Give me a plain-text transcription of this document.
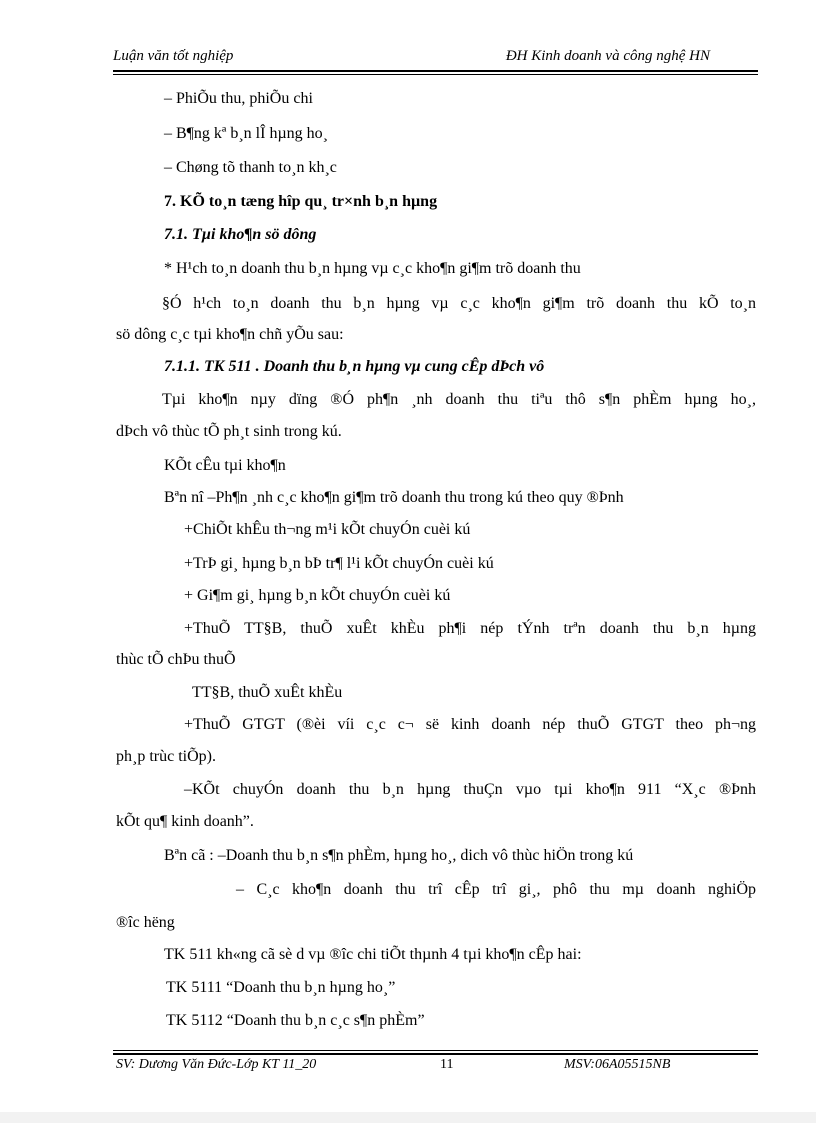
Luận văn tốt nghiệp	ĐH Kinh doanh và công nghệ HN
– PhiÕu thu, phiÕu chi
– B¶ng kª b¸n lÎ hµng ho¸
– Chøng tõ thanh to¸n kh¸c
7. KÕ to¸n tæng hîp qu¸ tr×nh b¸n hµng
7.1. Tµi kho¶n sö dông
* H¹ch to¸n doanh thu b¸n hµng vµ c¸c kho¶n gi¶m trõ doanh thu
§Ó h¹ch to¸n doanh thu b¸n hµng vµ c¸c kho¶n gi¶m trõ doanh thu kÕ to¸n
sö dông c¸c tµi kho¶n chñ yÕu sau:
7.1.1. TK 511 . Doanh thu b¸n hµng vµ cung cÊp dÞch vô
Tµi kho¶n nµy dïng ®Ó ph¶n ¸nh doanh thu tiªu thô s¶n phÈm hµng ho¸,
dÞch vô thùc tÕ ph¸t sinh trong kú.
KÕt cÊu tµi kho¶n
Bªn nî –Ph¶n ¸nh c¸c kho¶n gi¶m trõ doanh thu trong kú theo quy ®Þnh
+ChiÕt khÊu th¬ng m¹i kÕt chuyÓn cuèi kú
+TrÞ gi¸ hµng b¸n bÞ tr¶ l¹i kÕt chuyÓn cuèi kú
+ Gi¶m gi¸ hµng b¸n kÕt chuyÓn cuèi kú
+ThuÕ TT§B, thuÕ xuÊt khÈu ph¶i nép tÝnh trªn doanh thu b¸n hµng
thùc tÕ chÞu thuÕ
TT§B, thuÕ xuÊt khÈu
+ThuÕ GTGT (®èi víi c¸c c¬ së kinh doanh nép thuÕ GTGT theo ph¬ng
ph¸p trùc tiÕp).
–KÕt chuyÓn doanh thu b¸n hµng thuÇn vµo tµi kho¶n 911 “X¸c ®Þnh
kÕt qu¶ kinh doanh”.
Bªn cã : –Doanh thu b¸n s¶n phÈm, hµng ho¸, dich vô thùc hiÖn trong kú
– C¸c kho¶n doanh thu trî cÊp trî gi¸, phô thu mµ doanh nghiÖp
®îc hëng
TK 511 kh«ng cã sè d vµ ®îc chi tiÕt thµnh 4 tµi kho¶n cÊp hai:
TK 5111 “Doanh thu b¸n hµng ho¸”
TK 5112 “Doanh thu b¸n c¸c s¶n phÈm”
SV: Dương Văn Đức-Lớp KT 11_20	11	MSV:06A05515NB
